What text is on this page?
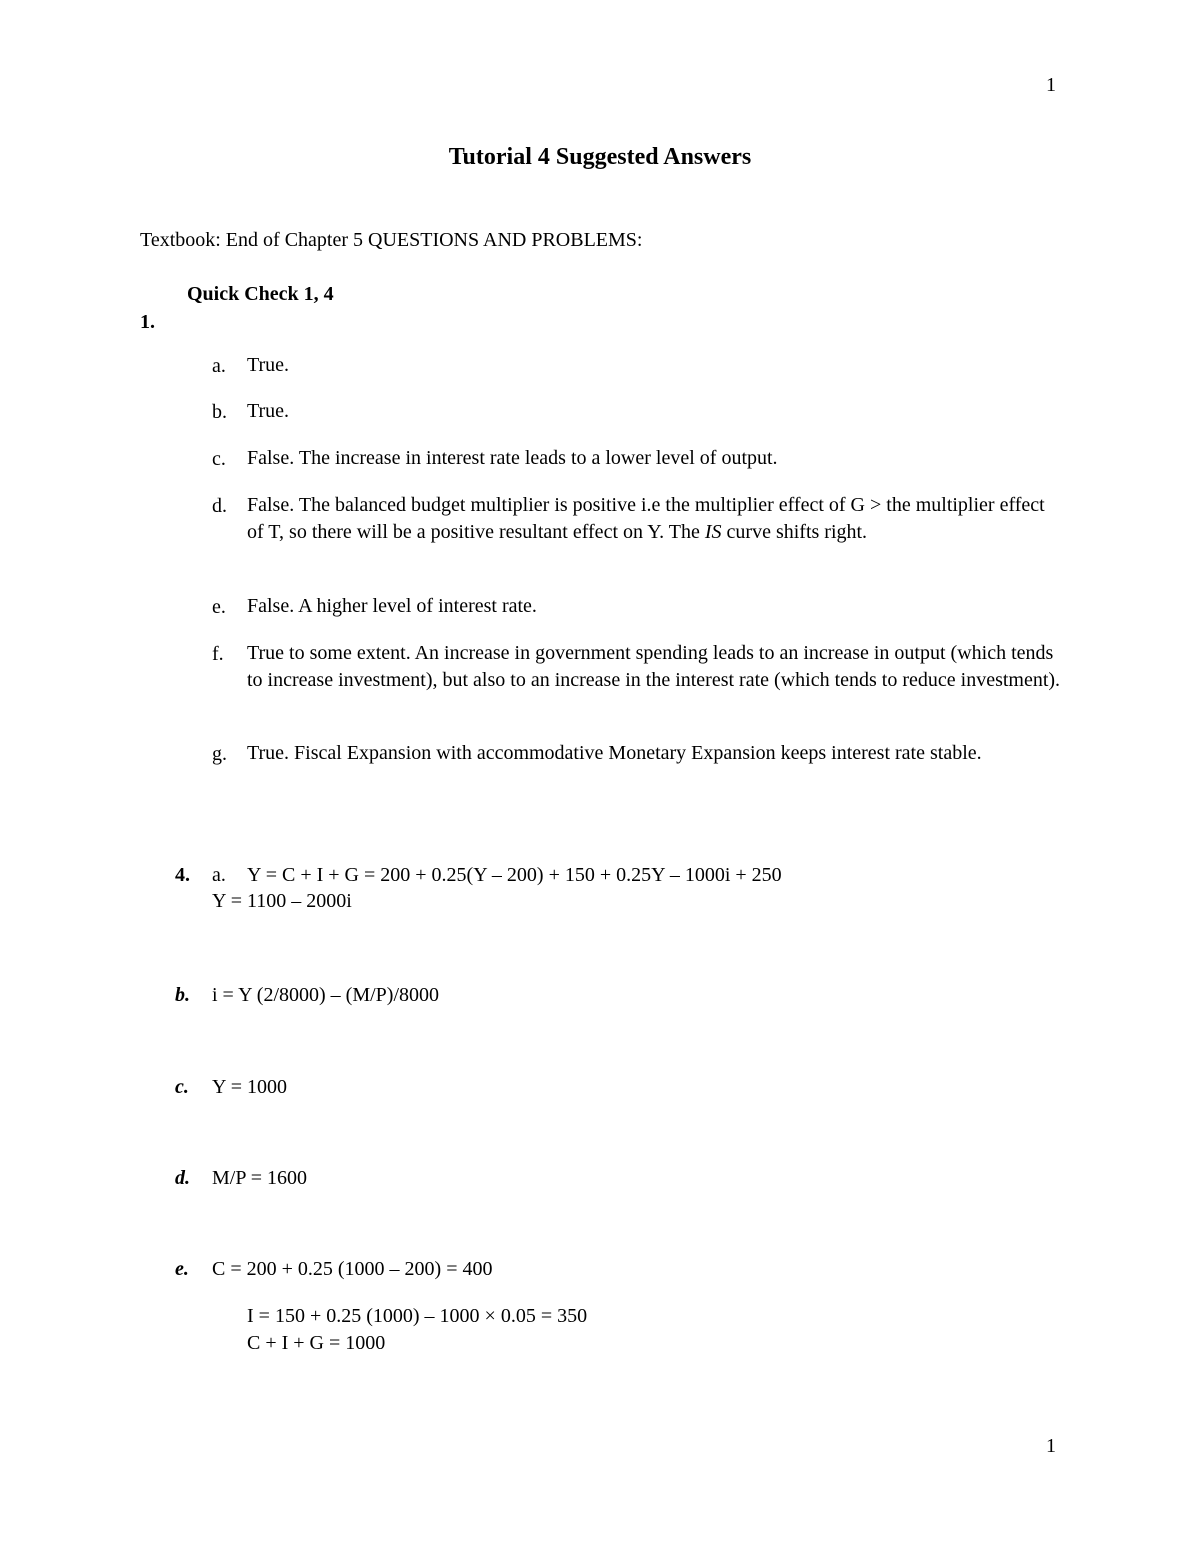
1
Tutorial 4 Suggested Answers
Textbook: End of Chapter 5 QUESTIONS AND PROBLEMS:
Quick Check 1, 4
1.
a. True.
b. True.
c. False. The increase in interest rate leads to a lower level of output.
d. False. The balanced budget multiplier is positive i.e the multiplier effect of G > the multiplier effect of T, so there will be a positive resultant effect on Y. The IS curve shifts right.
e. False. A higher level of interest rate.
f. True to some extent. An increase in government spending leads to an increase in output (which tends to increase investment), but also to an increase in the interest rate (which tends to reduce investment).
g. True. Fiscal Expansion with accommodative Monetary Expansion keeps interest rate stable.
4. a. Y = C + I + G = 200 + 0.25(Y – 200) + 150 + 0.25Y – 1000i + 250
Y = 1100 – 2000i
b. i = Y (2/8000) – (M/P)/8000
c. Y = 1000
d. M/P = 1600
e. C = 200 + 0.25 (1000 – 200) = 400
I = 150 + 0.25 (1000) – 1000 × 0.05 = 350
C + I + G = 1000
1
